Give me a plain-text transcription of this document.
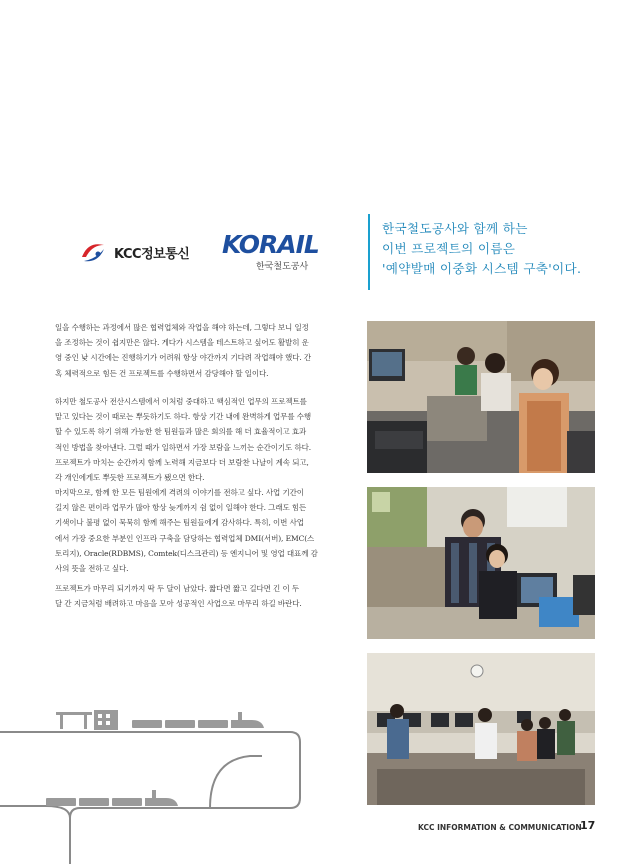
KCC정보통신 KORAIL
한국철도공사
한국철도공사와 함께 하는
이번 프로젝트의 이름은
'예약발매 이중화 시스템 구축'이다.
일을 수행하는 과정에서 많은 협력업체와 작업을 해야 하는데, 그렇다 보니 일정
을 조정하는 것이 쉽지만은 않다. 게다가 시스템을 테스트하고 싶어도 활발히 운
영 중인 낮 시간에는 진행하기가 어려워 항상 야간까지 기다려 작업해야 했다. 간
혹 체력적으로 힘든 건 프로젝트를 수행하면서 감당해야 할 일이다.
하지만 철도공사 전산시스템에서 이처럼 중대하고 핵심적인 업무의 프로젝트를
맡고 있다는 것이 때로는 뿌듯하기도 하다. 항상 기간 내에 완벽하게 업무를 수행
할 수 있도록 하기 위해 가능한 한 팀원들과 많은 회의를 해 더 효율적이고 효과
적인 방법을 찾아낸다. 그럴 때가 일하면서 가장 보람을 느끼는 순간이기도 하다.
프로젝트가 마치는 순간까지 함께 노력해 지금보다 더 보람찬 나날이 계속 되고,
각 개인에게도 뿌듯한 프로젝트가 됐으면 한다.
마지막으로, 함께 한 모든 팀원에게 격려의 이야기를 전하고 싶다. 사업 기간이
길지 않은 편이라 업무가 많아 항상 늦게까지 쉼 없이 일해야 한다. 그래도 힘든
기색이나 불평 없이 묵묵히 함께 해주는 팀원들에게 감사하다. 특히, 이번 사업
에서 가장 중요한 부분인 인프라 구축을 담당하는 협력업체 DMI(서버), EMC(스
토리지), Oracle(RDBMS), Comtek(디스크관리) 등 엔지니어 및 영업 대표께 감
사의 뜻을 전하고 싶다.
프로젝트가 마무리 되기까지 딱 두 달이 남았다. 짧다면 짧고 길다면 긴 이 두
달 간 지금처럼 배려하고 마음을 모아 성공적인 사업으로 마무리 하길 바란다.
KCC INFORMATION & COMMUNICATION
17
